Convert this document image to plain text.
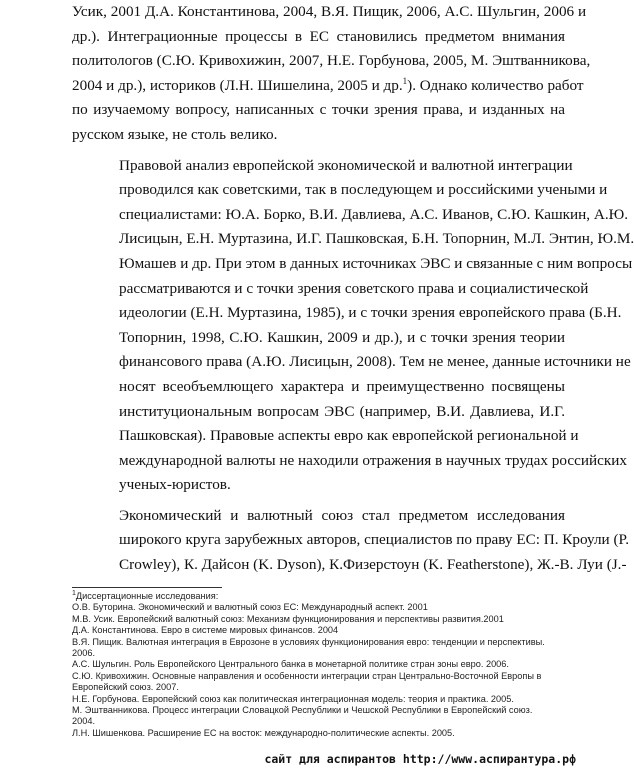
Усик, 2001 Д.А. Константинова, 2004, В.Я. Пищик, 2006, А.С. Шульгин, 2006 и
др.). Интеграционные процессы в ЕС становились предметом внимания
политологов (С.Ю. Кривохижин, 2007, Н.Е. Горбунова, 2005, М. Эштванникова,
2004 и др.), историков (Л.Н. Шишелина, 2005 и др.$^1$). Однако количество работ
по изучаемому вопросу, написанных с точки зрения права, и изданных на
русском языке, не столь велико.

Правовой анализ европейской экономической и валютной интеграции
проводился как советскими, так в последующем и российскими учеными и
специалистами: Ю.А. Борко, В.И. Давлиева, А.С. Иванов, С.Ю. Кашкин, А.Ю.
Лисицын, Е.Н. Муртазина, И.Г. Пашковская, Б.Н. Топорнин, М.Л. Энтин, Ю.М.
Юмашев и др. При этом в данных источниках ЭВС и связанные с ним вопросы
рассматриваются и с точки зрения советского права и социалистической
идеологии (Е.Н. Муртазина, 1985), и с точки зрения европейского права (Б.Н.
Топорнин, 1998, С.Ю. Кашкин, 2009 и др.), и с точки зрения теории
финансового права (А.Ю. Лисицын, 2008). Тем не менее, данные источники не
носят всеобъемлющего характера и преимущественно посвящены
институциональным вопросам ЭВС (например, В.И. Давлиева, И.Г.
Пашковская). Правовые аспекты евро как европейской региональной и
международной валюты не находили отражения в научных трудах российских
ученых-юристов.

Экономический и валютный союз стал предметом исследования
широкого круга зарубежных авторов, специалистов по праву ЕС: П. Кроули (P.
Crowley), К. Дайсон (K. Dyson), К.Физерстоун (K. Featherstone), Ж.-В. Луи (J.-

$^1$Диссертационные исследования:
О.В. Буторина. Экономический и валютный союз ЕС: Международный аспект. 2001
М.В. Усик. Европейский валютный союз: Механизм функционирования и перспективы развития.2001
Д.А. Константинова. Евро в системе мировых финансов. 2004
В.Я. Пищик. Валютная интеграция в Еврозоне в условиях функционирования евро: тенденции и перспективы.
2006.
А.С. Шульгин. Роль Европейского Центрального банка в монетарной политике стран зоны евро. 2006.
С.Ю. Кривохижин. Основные направления и особенности интеграции стран Центрально-Восточной Европы в
Европейский союз. 2007.
Н.Е. Горбунова. Европейский союз как политическая интеграционная модель: теория и практика. 2005.
М. Эштванникова. Процесс интеграции Словацкой Республики и Чешской Республики в Европейский союз.
2004.
Л.Н. Шишенкова. Расширение ЕС на восток: международно-политические аспекты. 2005.
сайт для аспирантов http://www.аспирантура.рф
